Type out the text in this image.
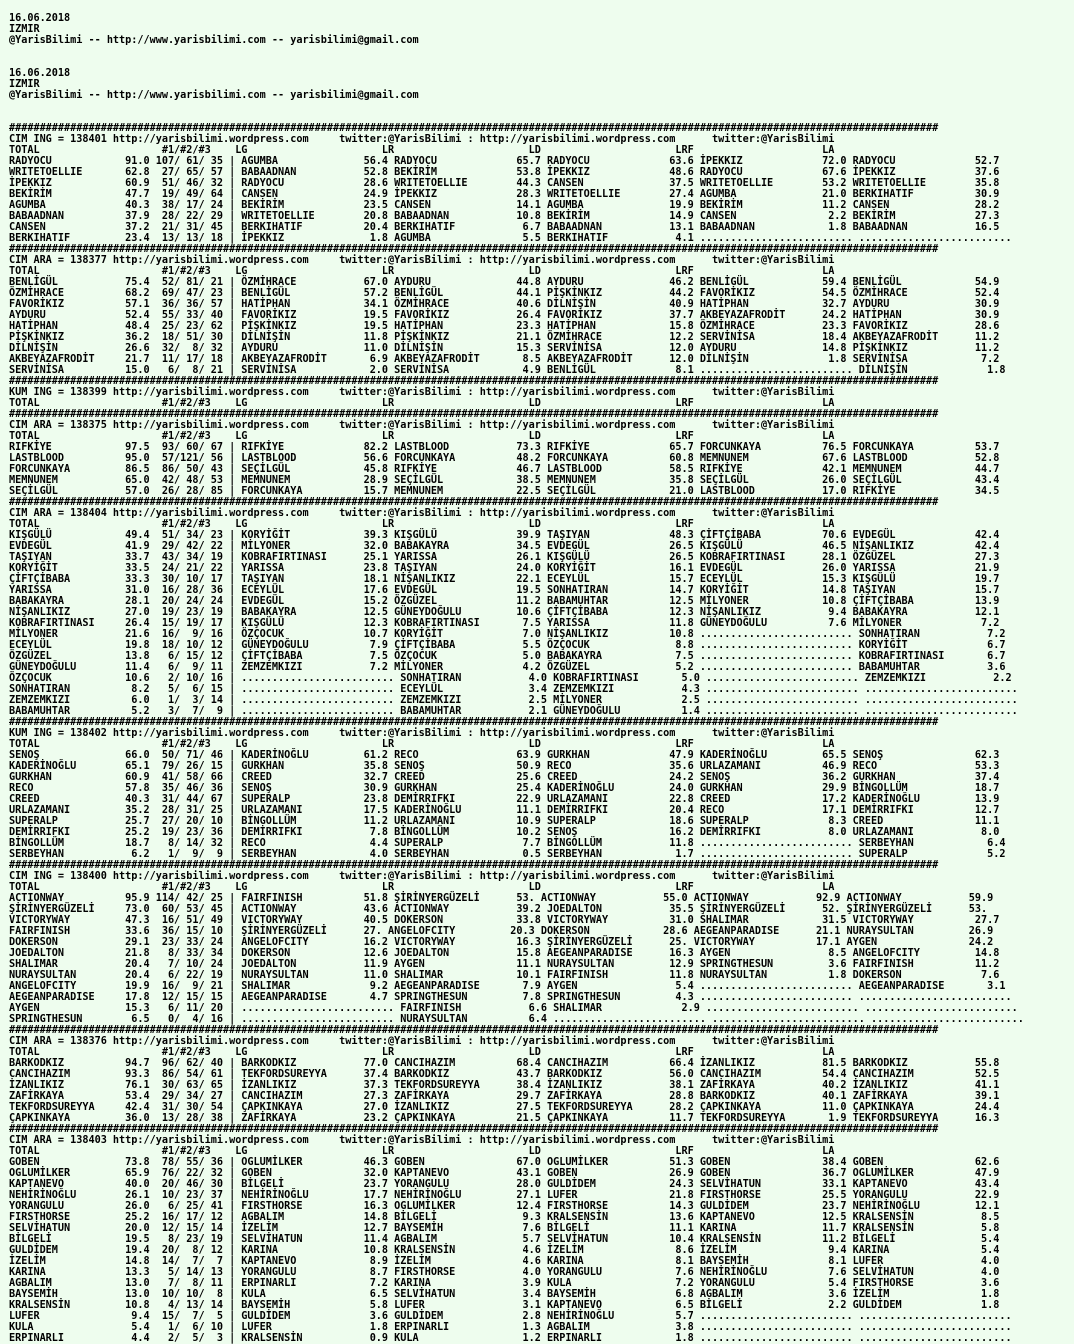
16.06.2018
IZMIR
@YarisBilimi -- http://www.yarisbilimi.com -- yarisbilimi@gmail.com
16.06.2018
IZMIR
@YarisBilimi -- http://www.yarisbilimi.com -- yarisbilimi@gmail.com
########################################################################################################################################################
CIM ING = 138401 http://yarisbilimi.wordpress.com     twitter:@YarisBilimi : http://yarisbilimi.wordpress.com      twitter:@YarisBilimi
TOTAL                    #1/#2/#3    LG                      LR                      LD                      LRF                     LA
RADYOCU            91.0 107/ 61/ 35 | AGUMBA              56.4 RADYOCU             65.7 RADYOCU             63.6 İPEKKIZ             72.0 RADYOCU             52.7
WRITETOELLIE       62.8  27/ 65/ 57 | BABAADNAN           52.8 BEKİRİM             53.8 İPEKKIZ             48.6 RADYOCU             67.6 İPEKKIZ             37.6
İPEKKIZ            60.9  51/ 46/ 32 | RADYOCU             28.6 WRITETOELLIE        44.3 CANSEN              37.5 WRITETOELLIE        53.2 WRITETOELLIE        35.8
BEKİRİM            47.7  19/ 49/ 64 | CANSEN              24.9 İPEKKIZ             28.3 WRITETOELLIE        27.4 AGUMBA              21.0 BERKIHATIF          30.9
AGUMBA             40.3  38/ 17/ 24 | BEKİRİM             23.5 CANSEN              14.1 AGUMBA              19.9 BEKİRİM             11.2 CANSEN              28.2
BABAADNAN          37.9  28/ 22/ 29 | WRITETOELLIE        20.8 BABAADNAN           10.8 BEKİRİM             14.9 CANSEN               2.2 BEKİRİM             27.3
CANSEN             37.2  21/ 31/ 45 | BERKIHATIF          20.4 BERKIHATIF           6.7 BABAADNAN           13.1 BABAADNAN            1.8 BABAADNAN           16.5
BERKIHATIF         23.4  13/ 13/ 18 | İPEKKIZ              1.8 AGUMBA               5.5 BERKIHATIF           4.1 ......................... .........................
########################################################################################################################################################
CIM ARA = 138377 http://yarisbilimi.wordpress.com     twitter:@YarisBilimi : http://yarisbilimi.wordpress.com      twitter:@YarisBilimi
TOTAL                    #1/#2/#3    LG                      LR                      LD                      LRF                     LA
BENLİGÜL           75.4  52/ 81/ 21 | ÖZMİHRACE           67.0 AYDURU              44.8 AYDURU              46.2 BENLİGÜL            59.4 BENLİGÜL            54.9
ÖZMİHRACE          68.2  69/ 47/ 23 | BENLİGÜL            57.2 BENLİGÜL            44.1 PİŞKİNKIZ           44.2 FAVORİKIZ           54.5 ÖZMİHRACE           52.4
FAVORİKIZ          57.1  36/ 36/ 57 | HATİPHAN            34.1 ÖZMİHRACE           40.6 DİLNİŞİN            40.9 HATİPHAN            32.7 AYDURU              30.9
AYDURU             52.4  55/ 33/ 40 | FAVORİKIZ           19.5 FAVORİKIZ           26.4 FAVORİKIZ           37.7 AKBEYAZAFRODİT      24.2 HATİPHAN            30.9
HATİPHAN           48.4  25/ 23/ 62 | PİŞKİNKIZ           19.5 HATİPHAN            23.3 HATİPHAN            15.8 ÖZMİHRACE           23.3 FAVORİKIZ           28.6
PİŞKİNKIZ          36.2  18/ 51/ 30 | DİLNİŞİN            11.8 PİŞKİNKIZ           21.1 ÖZMİHRACE           12.2 SERVİNİSA           18.4 AKBEYAZAFRODİT      11.2
DİLNİŞİN           26.6  32/  8/ 32 | AYDURU              11.0 DİLNİŞİN            15.3 SERVİNİSA           12.0 AYDURU              14.8 PİŞKİNKIZ           11.2
AKBEYAZAFRODİT     21.7  11/ 17/ 18 | AKBEYAZAFRODİT       6.9 AKBEYAZAFRODİT       8.5 AKBEYAZAFRODİT      12.0 DİLNİŞİN             1.8 SERVİNİSA            7.2
SERVİNİSA          15.0   6/  8/ 21 | SERVİNİSA            2.0 SERVİNİSA            4.9 BENLİGÜL             8.1 ......................... DİLNİŞİN             1.8
########################################################################################################################################################
KUM ING = 138399 http://yarisbilimi.wordpress.com     twitter:@YarisBilimi : http://yarisbilimi.wordpress.com      twitter:@YarisBilimi
TOTAL                    #1/#2/#3    LG                      LR                      LD                      LRF                     LA
########################################################################################################################################################
CIM ARA = 138375 http://yarisbilimi.wordpress.com     twitter:@YarisBilimi : http://yarisbilimi.wordpress.com      twitter:@YarisBilimi
TOTAL                    #1/#2/#3    LG                      LR                      LD                      LRF                     LA
RIFKİYE            97.5  93/ 60/ 67 | RIFKİYE             82.2 LASTBLOOD           73.3 RIFKİYE             65.7 FORCUNKAYA          76.5 FORCUNKAYA          53.7
LASTBLOOD          95.0  57/121/ 56 | LASTBLOOD           56.6 FORCUNKAYA          48.2 FORCUNKAYA          60.8 MEMNUNEM            67.6 LASTBLOOD           52.8
FORCUNKAYA         86.5  86/ 50/ 43 | SEÇİLGÜL            45.8 RIFKİYE             46.7 LASTBLOOD           58.5 RIFKİYE             42.1 MEMNUNEM            44.7
MEMNUNEM           65.0  42/ 48/ 53 | MEMNUNEM            28.9 SEÇİLGÜL            38.5 MEMNUNEM            35.8 SEÇİLGÜL            26.0 SEÇİLGÜL            43.4
SEÇİLGÜL           57.0  26/ 28/ 85 | FORCUNKAYA          15.7 MEMNUNEM            22.5 SEÇİLGÜL            21.0 LASTBLOOD           17.0 RIFKİYE             34.5
########################################################################################################################################################
CIM ARA = 138404 http://yarisbilimi.wordpress.com     twitter:@YarisBilimi : http://yarisbilimi.wordpress.com      twitter:@YarisBilimi
TOTAL                    #1/#2/#3    LG                      LR                      LD                      LRF                     LA
KIŞGÜLÜ            49.4  51/ 34/ 23 | KORYİĞİT            39.3 KIŞGÜLÜ             39.9 TAŞIYAN             48.3 ÇİFTÇİBABA          70.6 EVDEGÜL             42.4
EVDEGÜL            41.9  29/ 42/ 22 | MİLYONER            32.0 BABAKAYRA           34.5 EVDEGÜL             26.5 KIŞGÜLÜ             46.5 NİŞANLIKIZ          42.4
TAŞIYAN            33.7  43/ 34/ 19 | KOBRAFIRTINASI      25.1 YARISSA             26.1 KIŞGÜLÜ             26.5 KOBRAFIRTINASI      28.1 ÖZGÜZEL             27.3
KORYİĞİT           33.5  24/ 21/ 22 | YARISSA             23.8 TAŞIYAN             24.0 KORYİĞİT            16.1 EVDEGÜL             26.0 YARISSA             21.9
ÇİFTÇİBABA         33.3  30/ 10/ 17 | TAŞIYAN             18.1 NİŞANLIKIZ          22.1 ECEYLÜL             15.7 ECEYLÜL             15.3 KIŞGÜLÜ             19.7
YARISSA            31.0  16/ 28/ 36 | ECEYLÜL             17.6 EVDEGÜL             19.5 SONHATIRAN          14.7 KORYİĞİT            14.8 TAŞIYAN             15.7
BABAKAYRA          28.1  20/ 24/ 24 | EVDEGÜL             15.2 ÖZGÜZEL             11.2 BABAMUHTAR          12.5 MİLYONER            10.8 ÇİFTÇİBABA          13.9
NİŞANLIKIZ         27.0  19/ 23/ 19 | BABAKAYRA           12.5 GÜNEYDOĞULU         10.6 ÇİFTÇİBABA          12.3 NİŞANLIKIZ           9.4 BABAKAYRA           12.1
KOBRAFIRTINASI     26.4  15/ 19/ 17 | KIŞGÜLÜ             12.3 KOBRAFIRTINASI       7.5 YARISSA             11.8 GÜNEYDOĞULU          7.6 MİLYONER             7.2
MİLYONER           21.6  16/  9/ 16 | ÖZÇOCUK             10.7 KORYİĞİT             7.0 NİŞANLIKIZ          10.8 ......................... SONHATIRAN           7.2
ECEYLÜL            19.8  18/ 10/ 12 | GÜNEYDOĞULU          7.9 ÇİFTÇİBABA           5.5 ÖZÇOCUK              8.8 ......................... KORYİĞİT             6.7
ÖZGÜZEL            13.8   6/ 15/ 12 | ÇİFTÇİBABA           7.5 ÖZÇOCUK              5.0 BABAKAYRA            7.5 ......................... KOBRAFIRTINASI       6.7
GÜNEYDOĞULU        11.4   6/  9/ 11 | ZEMZEMKIZI           7.2 MİLYONER             4.2 ÖZGÜZEL              5.2 ......................... BABAMUHTAR           3.6
ÖZÇOCUK            10.6   2/ 10/ 16 | ......................... SONHATIRAN           4.0 KOBRAFIRTINASI       5.0 ......................... ZEMZEMKIZI           2.2
SONHATIRAN          8.2   5/  6/ 15 | ......................... ECEYLÜL              3.4 ZEMZEMKIZI           4.3 ......................... .........................
ZEMZEMKIZI          6.0   1/  3/ 14 | ......................... ZEMZEMKIZI           2.5 MİLYONER             2.5 ......................... .........................
BABAMUHTAR          5.2   3/  7/  9 | ......................... BABAMUHTAR           2.1 GÜNEYDOĞULU          1.4 ......................... .........................
########################################################################################################################################################
KUM ING = 138402 http://yarisbilimi.wordpress.com     twitter:@YarisBilimi : http://yarisbilimi.wordpress.com      twitter:@YarisBilimi
TOTAL                    #1/#2/#3    LG                      LR                      LD                      LRF                     LA
SENOŞ              66.0  50/ 71/ 46 | KADERİNOĞLU         61.2 RECO                63.9 GURKHAN             47.9 KADERİNOĞLU         65.5 SENOŞ               62.3
KADERİNOĞLU        65.1  79/ 26/ 15 | GURKHAN             35.8 SENOŞ               50.9 RECO                35.6 URLAZAMANI          46.9 RECO                53.3
GURKHAN            60.9  41/ 58/ 66 | CREED               32.7 CREED               25.6 CREED               24.2 SENOŞ               36.2 GURKHAN             37.4
RECO               57.8  35/ 46/ 36 | SENOŞ               30.9 GURKHAN             25.4 KADERİNOĞLU         24.0 GURKHAN             29.9 BİNGOLLÜM           18.7
CREED              40.3  31/ 44/ 67 | SUPERALP            23.8 DEMİRRIFKI          22.9 URLAZAMANI          22.8 CREED               17.2 KADERİNOĞLU         13.9
URLAZAMANI         35.2  28/ 31/ 25 | URLAZAMANI          17.5 KADERİNOĞLU         11.1 DEMİRRIFKI          20.4 RECO                17.1 DEMİRRIFKI          12.7
SUPERALP           25.7  27/ 20/ 10 | BİNGOLLÜM           11.2 URLAZAMANI          10.9 SUPERALP            18.6 SUPERALP             8.3 CREED               11.1
DEMİRRIFKI         25.2  19/ 23/ 36 | DEMİRRIFKI           7.8 BİNGOLLÜM           10.2 SENOŞ               16.2 DEMİRRIFKI           8.0 URLAZAMANI           8.0
BİNGOLLÜM          18.7   8/ 14/ 32 | RECO                 4.4 SUPERALP             7.7 BİNGOLLÜM           11.8 ......................... SERBEYHAN            6.4
SERBEYHAN           6.2   1/  9/  9 | SERBEYHAN            4.0 SERBEYHAN            0.5 SERBEYHAN            1.7 ......................... SUPERALP             5.2
########################################################################################################################################################
CIM ING = 138400 http://yarisbilimi.wordpress.com     twitter:@YarisBilimi : http://yarisbilimi.wordpress.com      twitter:@YarisBilimi
TOTAL                    #1/#2/#3    LG                      LR                      LD                      LRF                     LA
ACTIONWAY          95.9 114/ 42/ 25 | FAIRFINISH          51.8 ŞİRİNYERGÜZELİ      53. ACTIONWAY           55.0 ACTIONWAY           92.9 ACTIONWAY           59.9
ŞİRİNYERGÜZELİ     73.0  60/ 53/ 45 | ACTIONWAY           43.6 ACTIONWAY           39.2 JOEDALTON           35.5 ŞİRİNYERGÜZELİ      52. ŞİRİNYERGÜZELİ      53.
VICTORYWAY         47.3  16/ 51/ 49 | VICTORYWAY          40.5 DOKERSON            33.8 VICTORYWAY          31.0 SHALIMAR            31.5 VICTORYWAY          27.7
FAIRFINISH         33.6  36/ 15/ 10 | ŞİRİNYERGÜZELİ      27. ANGELOFCITY         20.3 DOKERSON            28.6 AEGEANPARADISE      21.1 NURAYSULTAN         26.9
DOKERSON           29.1  23/ 33/ 24 | ANGELOFCITY         16.2 VICTORYWAY          16.3 ŞİRİNYERGÜZELİ      25. VICTORYWAY          17.1 AYGEN               24.2
JOEDALTON          21.8   8/ 33/ 34 | DOKERSON            12.6 JOEDALTON           15.8 AEGEANPARADISE      16.3 AYGEN                8.5 ANGELOFCITY         14.8
SHALIMAR           20.4   7/ 10/ 24 | JOEDALTON           11.9 AYGEN               11.1 NURAYSULTAN         12.9 SPRINGTHESUN         3.6 FAIRFINISH          11.2
NURAYSULTAN        20.4   6/ 22/ 19 | NURAYSULTAN         11.0 SHALIMAR            10.1 FAIRFINISH          11.8 NURAYSULTAN          1.8 DOKERSON             7.6
ANGELOFCITY        19.9  16/  9/ 21 | SHALIMAR             9.2 AEGEANPARADISE       7.9 AYGEN                5.4 ......................... AEGEANPARADISE       3.1
AEGEANPARADISE     17.8  12/ 15/ 15 | AEGEANPARADISE       4.7 SPRINGTHESUN         7.8 SPRINGTHESUN         4.3 ......................... .........................
AYGEN              15.3   6/ 11/ 20 | ......................... FAIRFINISH           6.6 SHALIMAR             2.9 ......................... .........................
SPRINGTHESUN        6.5   0/  4/ 16 | ......................... NURAYSULTAN          6.4 ......................... ......................... .........................
########################################################################################################################################################
CIM ARA = 138376 http://yarisbilimi.wordpress.com     twitter:@YarisBilimi : http://yarisbilimi.wordpress.com      twitter:@YarisBilimi
TOTAL                    #1/#2/#3    LG                      LR                      LD                      LRF                     LA
BARKODKIZ          94.7  96/ 62/ 40 | BARKODKIZ           77.0 CANCIHAZIM          68.4 CANCIHAZIM          66.4 İZANLIKIZ           81.5 BARKODKIZ           55.8
CANCIHAZIM         93.3  86/ 54/ 61 | TEKFORDSUREYYA      37.4 BARKODKIZ           43.7 BARKODKIZ           56.0 CANCIHAZIM          54.4 CANCIHAZIM          52.5
İZANLIKIZ          76.1  30/ 63/ 65 | İZANLIKIZ           37.3 TEKFORDSUREYYA      38.4 İZANLIKIZ           38.1 ZAFİRKAYA           40.2 İZANLIKIZ           41.1
ZAFİRKAYA          53.4  29/ 34/ 27 | CANCIHAZIM          27.3 ZAFİRKAYA           29.7 ZAFİRKAYA           28.8 BARKODKIZ           40.1 ZAFİRKAYA           39.1
TEKFORDSUREYYA     42.4  31/ 30/ 54 | ÇAPKINKAYA          27.0 İZANLIKIZ           27.5 TEKFORDSUREYYA      28.2 ÇAPKINKAYA          11.0 ÇAPKINKAYA          24.4
ÇAPKINKAYA         36.0  13/ 28/ 38 | ZAFİRKAYA           23.2 ÇAPKINKAYA          21.5 ÇAPKINKAYA          11.7 TEKFORDSUREYYA       1.9 TEKFORDSUREYYA      16.3
########################################################################################################################################################
CIM ARA = 138403 http://yarisbilimi.wordpress.com     twitter:@YarisBilimi : http://yarisbilimi.wordpress.com      twitter:@YarisBilimi
TOTAL                    #1/#2/#3    LG                      LR                      LD                      LRF                     LA
GOBEN              73.8  78/ 55/ 36 | OGLUMİLKER          46.3 GOBEN               67.0 OGLUMİLKER          51.3 GOBEN               38.4 GOBEN               62.6
OGLUMİLKER         65.9  76/ 22/ 32 | GOBEN               32.0 KAPTANEVO           43.1 GOBEN               26.9 GOBEN               36.7 OGLUMİLKER          47.9
KAPTANEVO          40.0  20/ 46/ 30 | BİLGELİ             23.7 YORANGULU           28.0 GULDİDEM            24.3 SELVİHATUN          33.1 KAPTANEVO           43.4
NEHİRİNOĞLU        26.1  10/ 23/ 37 | NEHİRİNOĞLU         17.7 NEHİRİNOĞLU         27.1 LUFER               21.8 FIRSTHORSE          25.5 YORANGULU           22.9
YORANGULU          26.0   6/ 25/ 41 | FIRSTHORSE          16.3 OGLUMİLKER          12.4 FIRSTHORSE          14.3 GULDİDEM            23.7 NEHİRİNOĞLU         12.1
FIRSTHORSE         25.2  16/ 17/ 12 | AGBALIM             14.8 BİLGELİ              9.3 KRALSENSİN          13.6 KAPTANEVO           12.5 KRALSENSİN           8.5
SELVİHATUN         20.0  12/ 15/ 14 | İZELİM              12.7 BAYSEMİH             7.6 BİLGELİ             11.1 KARINA              11.7 KRALSENSİN           5.8
BİLGELİ            19.5   8/ 23/ 19 | SELVİHATUN          11.4 AGBALIM              5.7 SELVİHATUN          10.4 KRALSENSİN          11.2 BİLGELİ              5.4
GULDİDEM           19.4  20/  8/ 12 | KARINA              10.8 KRALSENSİN           4.6 İZELİM               8.6 İZELİM               9.4 KARINA               5.4
İZELİM             14.8  14/  7/  7 | KAPTANEVO            8.9 İZELİM               4.6 KARINA               8.1 BAYSEMİH             8.1 LUFER                4.0
KARINA             13.3   5/ 14/ 13 | YORANGULU            8.7 FIRSTHORSE           4.0 YORANGULU            7.6 NEHİRİNOĞLU          7.6 SELVİHATUN           4.0
AGBALIM            13.0   7/  8/ 11 | ERPINARLI            7.2 KARINA               3.9 KULA                 7.2 YORANGULU            5.4 FIRSTHORSE           3.6
BAYSEMİH           13.0  10/ 10/  8 | KULA                 6.5 SELVİHATUN           3.4 BAYSEMİH             6.8 AGBALIM              3.6 İZELİM               1.8
KRALSENSİN         10.8   4/ 13/ 14 | BAYSEMİH             5.8 LUFER                3.1 KAPTANEVO            6.5 BİLGELİ              2.2 GULDİDEM             1.8
LUFER               9.4  15/  7/  5 | GULDİDEM             3.6 GULDİDEM             2.8 NEHİRİNOĞLU          5.7 ......................... .........................
KULA                5.4   1/  6/ 10 | LUFER                1.8 ERPINARLI            1.3 AGBALIM              3.8 ......................... .........................
ERPINARLI           4.4   2/  5/  3 | KRALSENSİN           0.9 KULA                 1.2 ERPINARLI            1.8 ......................... .........................
